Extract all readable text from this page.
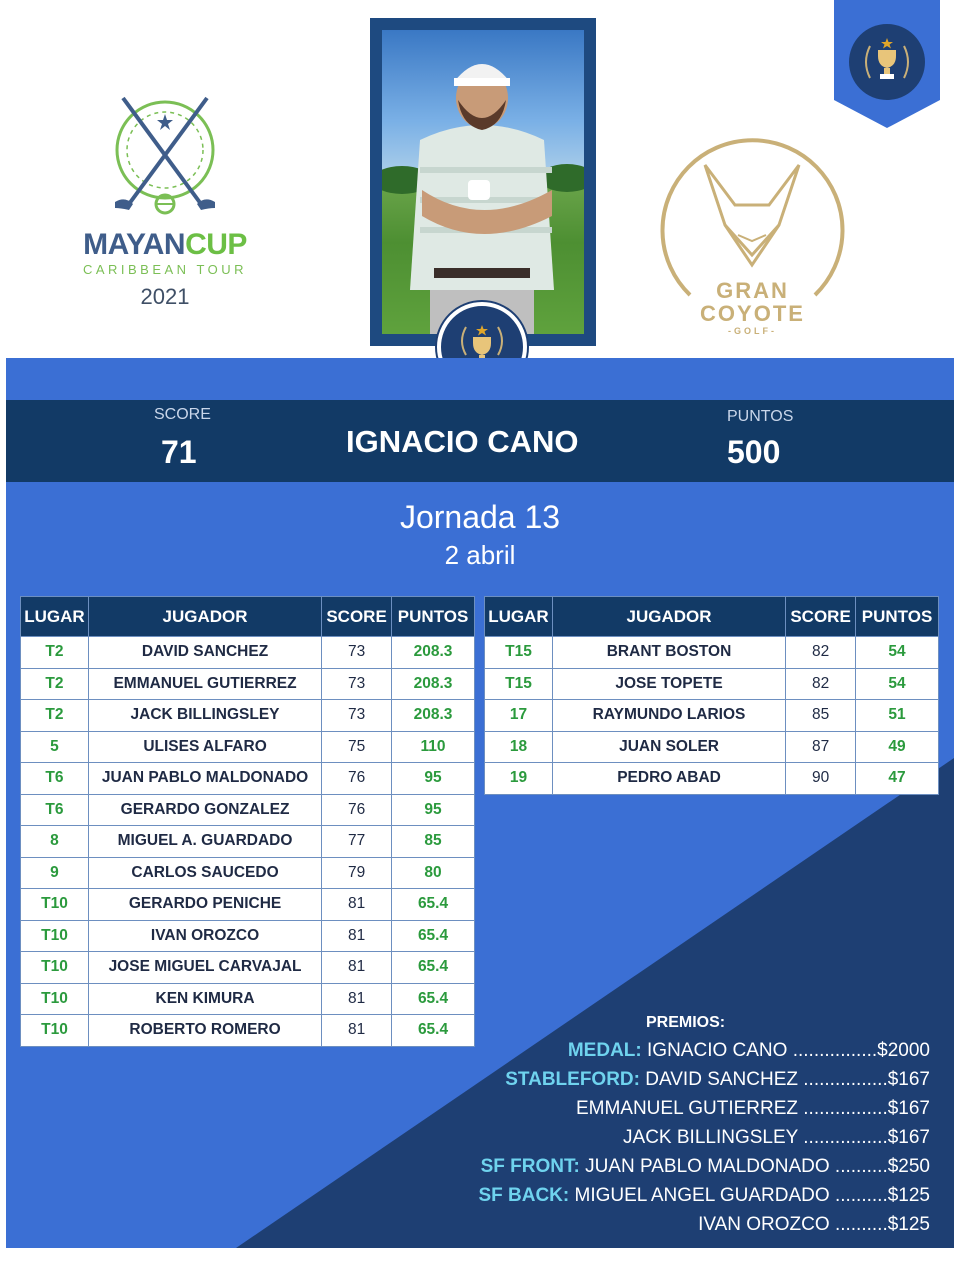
MAYANCUP
CARIBBEAN TOUR
2021	GRAN
COYOTE
-GOLF-
SCORE
71	IGNACIO CANO
PUNTOS
500
Jornada 13
2 abril
LUGAR	JUGADOR	SCORE	PUNTOS
T2	DAVID SANCHEZ	73	208.3
T2	EMMANUEL GUTIERREZ	73	208.3
T2	JACK BILLINGSLEY	73	208.3
5	ULISES ALFARO	75	110
T6	JUAN PABLO MALDONADO	76	95
T6	GERARDO GONZALEZ	76	95
8	MIGUEL A. GUARDADO	77	85
9	CARLOS SAUCEDO	79	80
T10	GERARDO PENICHE	81	65.4
T10	IVAN OROZCO	81	65.4
T10	JOSE MIGUEL CARVAJAL	81	65.4
T10	KEN KIMURA	81	65.4
T10	ROBERTO ROMERO	81	65.4
LUGAR	JUGADOR	SCORE	PUNTOS
T15	BRANT BOSTON	82	54
T15	JOSE TOPETE	82	54
17	RAYMUNDO LARIOS	85	51
18	JUAN SOLER	87	49
19	PEDRO ABAD	90	47
PREMIOS:
MEDAL: IGNACIO CANO ................$2000
STABLEFORD: DAVID SANCHEZ ................$167
EMMANUEL GUTIERREZ ................$167
JACK BILLINGSLEY ................$167
SF FRONT: JUAN PABLO MALDONADO ..........$250
SF BACK: MIGUEL ANGEL GUARDADO ..........$125
IVAN OROZCO ..........$125
